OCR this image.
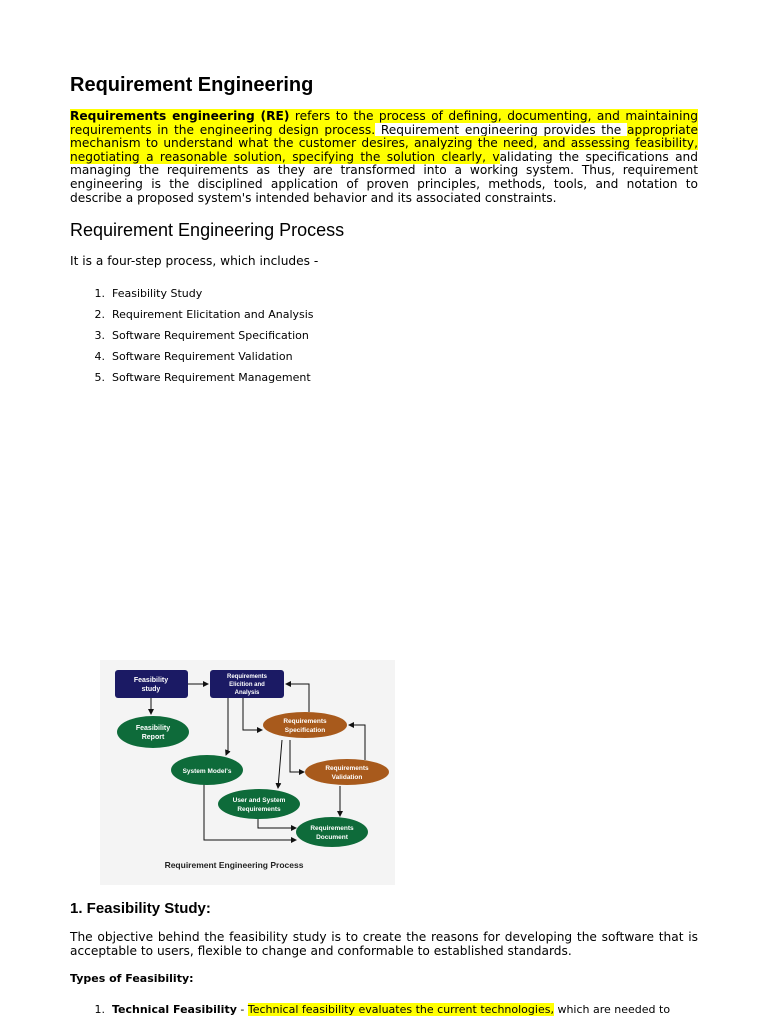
Requirement Engineering

Requirements engineering (RE) refers to the process of defining, documenting, and maintaining requirements in the engineering design process. Requirement engineering provides the appropriate mechanism to understand what the customer desires, analyzing the need, and assessing feasibility, negotiating a reasonable solution, specifying the solution clearly, validating the specifications and managing the requirements as they are transformed into a working system. Thus, requirement engineering is the disciplined application of proven principles, methods, tools, and notation to describe a proposed system's intended behavior and its associated constraints.

Requirement Engineering Process

It is a four-step process, which includes -

1. Feasibility Study
2. Requirement Elicitation and Analysis
3. Software Requirement Specification
4. Software Requirement Validation
5. Software Requirement Management
1. Feasibility Study:

The objective behind the feasibility study is to create the reasons for developing the software that is acceptable to users, flexible to change and conformable to established standards.

Types of Feasibility:

1. Technical Feasibility - Technical feasibility evaluates the current technologies, which are needed to

Feasibility
study
Requirements
Elicition and
Analysis
Feasibility
Report
Requirements
Specification
System Model's	Requirements
Validation
User and System
Requirements
Requirements
Document
Requirement Engineering Process
